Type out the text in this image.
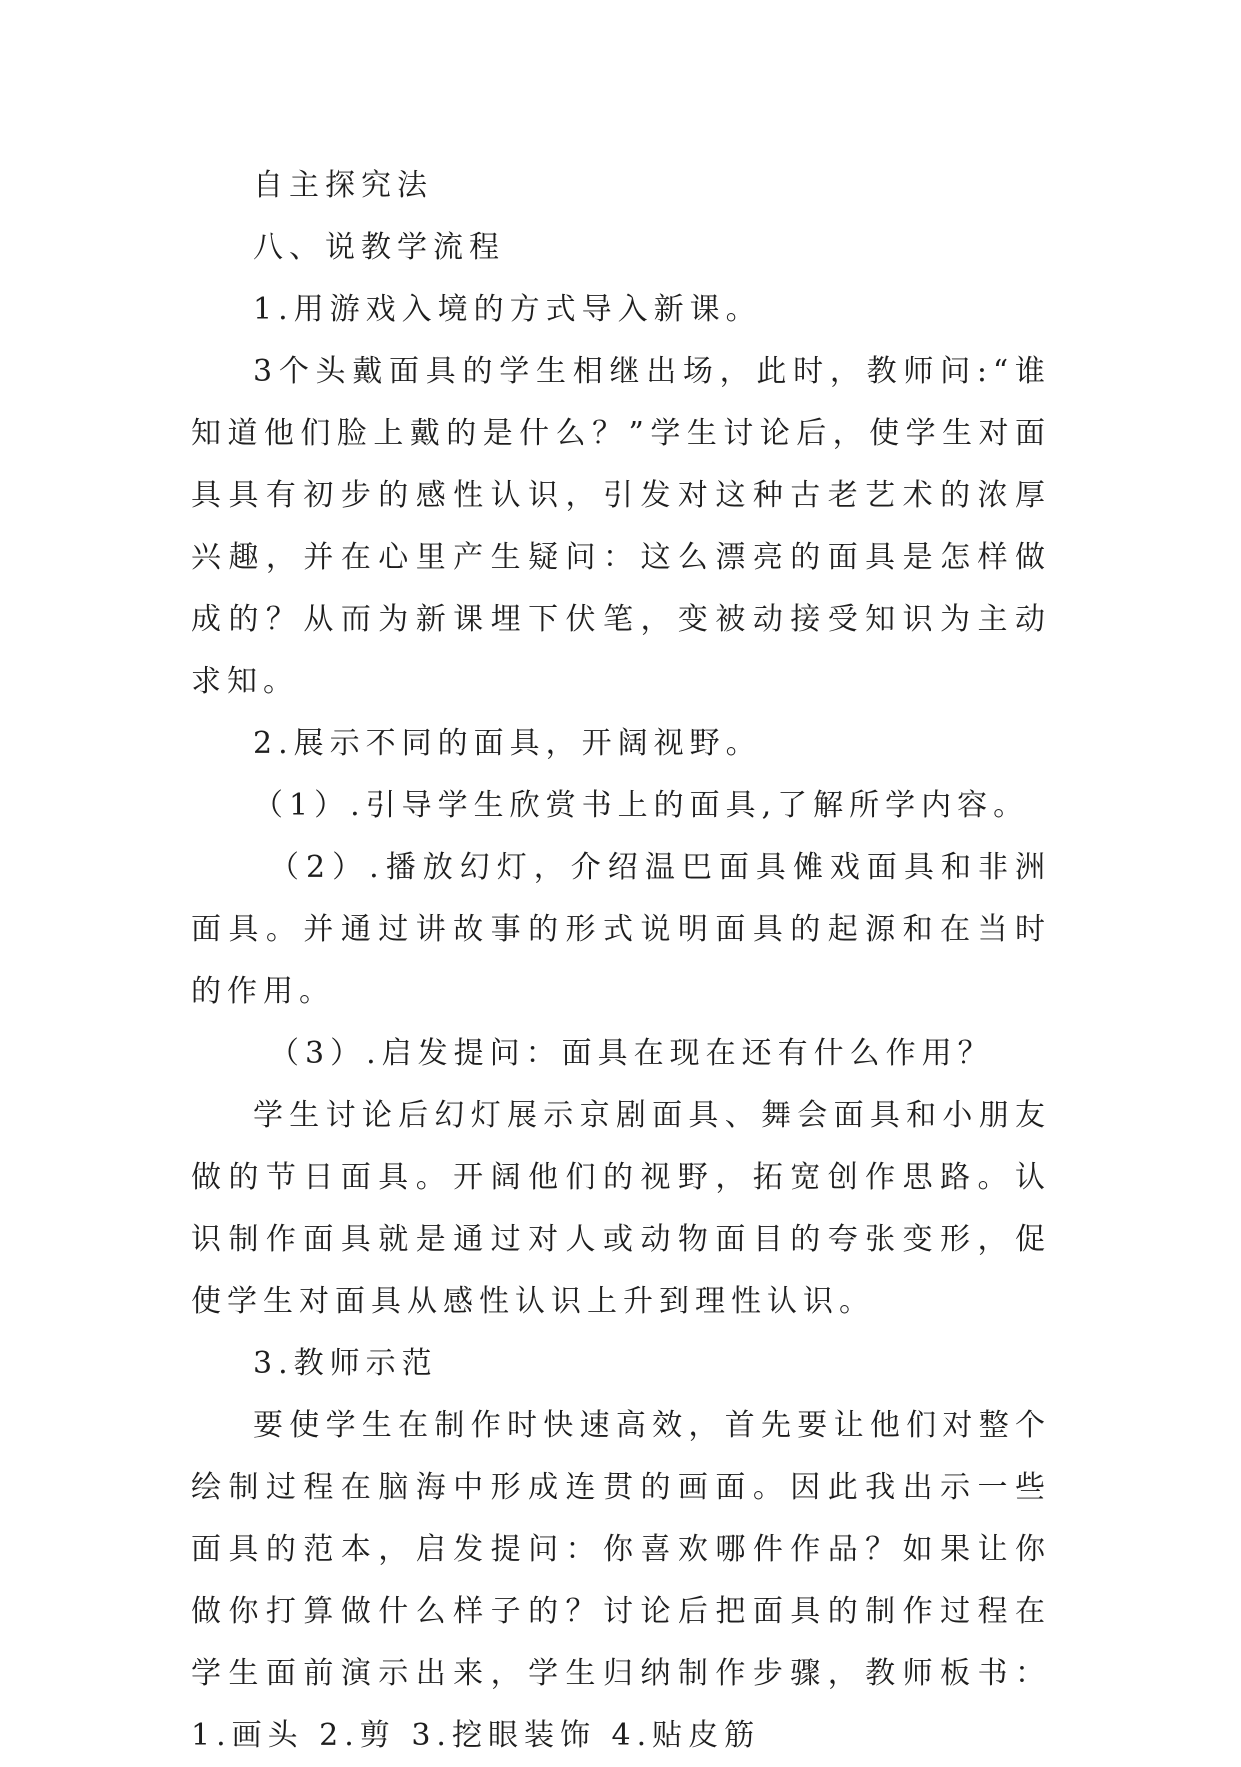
自主探究法

八、说教学流程

1.用游戏入境的方式导入新课。

3个头戴面具的学生相继出场，此时，教师问:“谁知道他们脸上戴的是什么？”学生讨论后，使学生对面具具有初步的感性认识，引发对这种古老艺术的浓厚兴趣，并在心里产生疑问：这么漂亮的面具是怎样做成的？从而为新课埋下伏笔，变被动接受知识为主动求知。

2.展示不同的面具，开阔视野。

（1）.引导学生欣赏书上的面具,了解所学内容。

（2）.播放幻灯，介绍温巴面具傩戏面具和非洲面具。并通过讲故事的形式说明面具的起源和在当时的作用。

（3）.启发提问：面具在现在还有什么作用？

学生讨论后幻灯展示京剧面具、舞会面具和小朋友做的节日面具。开阔他们的视野，拓宽创作思路。认识制作面具就是通过对人或动物面目的夸张变形，促使学生对面具从感性认识上升到理性认识。

3.教师示范

要使学生在制作时快速高效，首先要让他们对整个绘制过程在脑海中形成连贯的画面。因此我出示一些面具的范本，启发提问：你喜欢哪件作品？如果让你做你打算做什么样子的？讨论后把面具的制作过程在学生面前演示出来，学生归纳制作步骤，教师板书：1.画头 2.剪 3.挖眼装饰 4.贴皮筋
